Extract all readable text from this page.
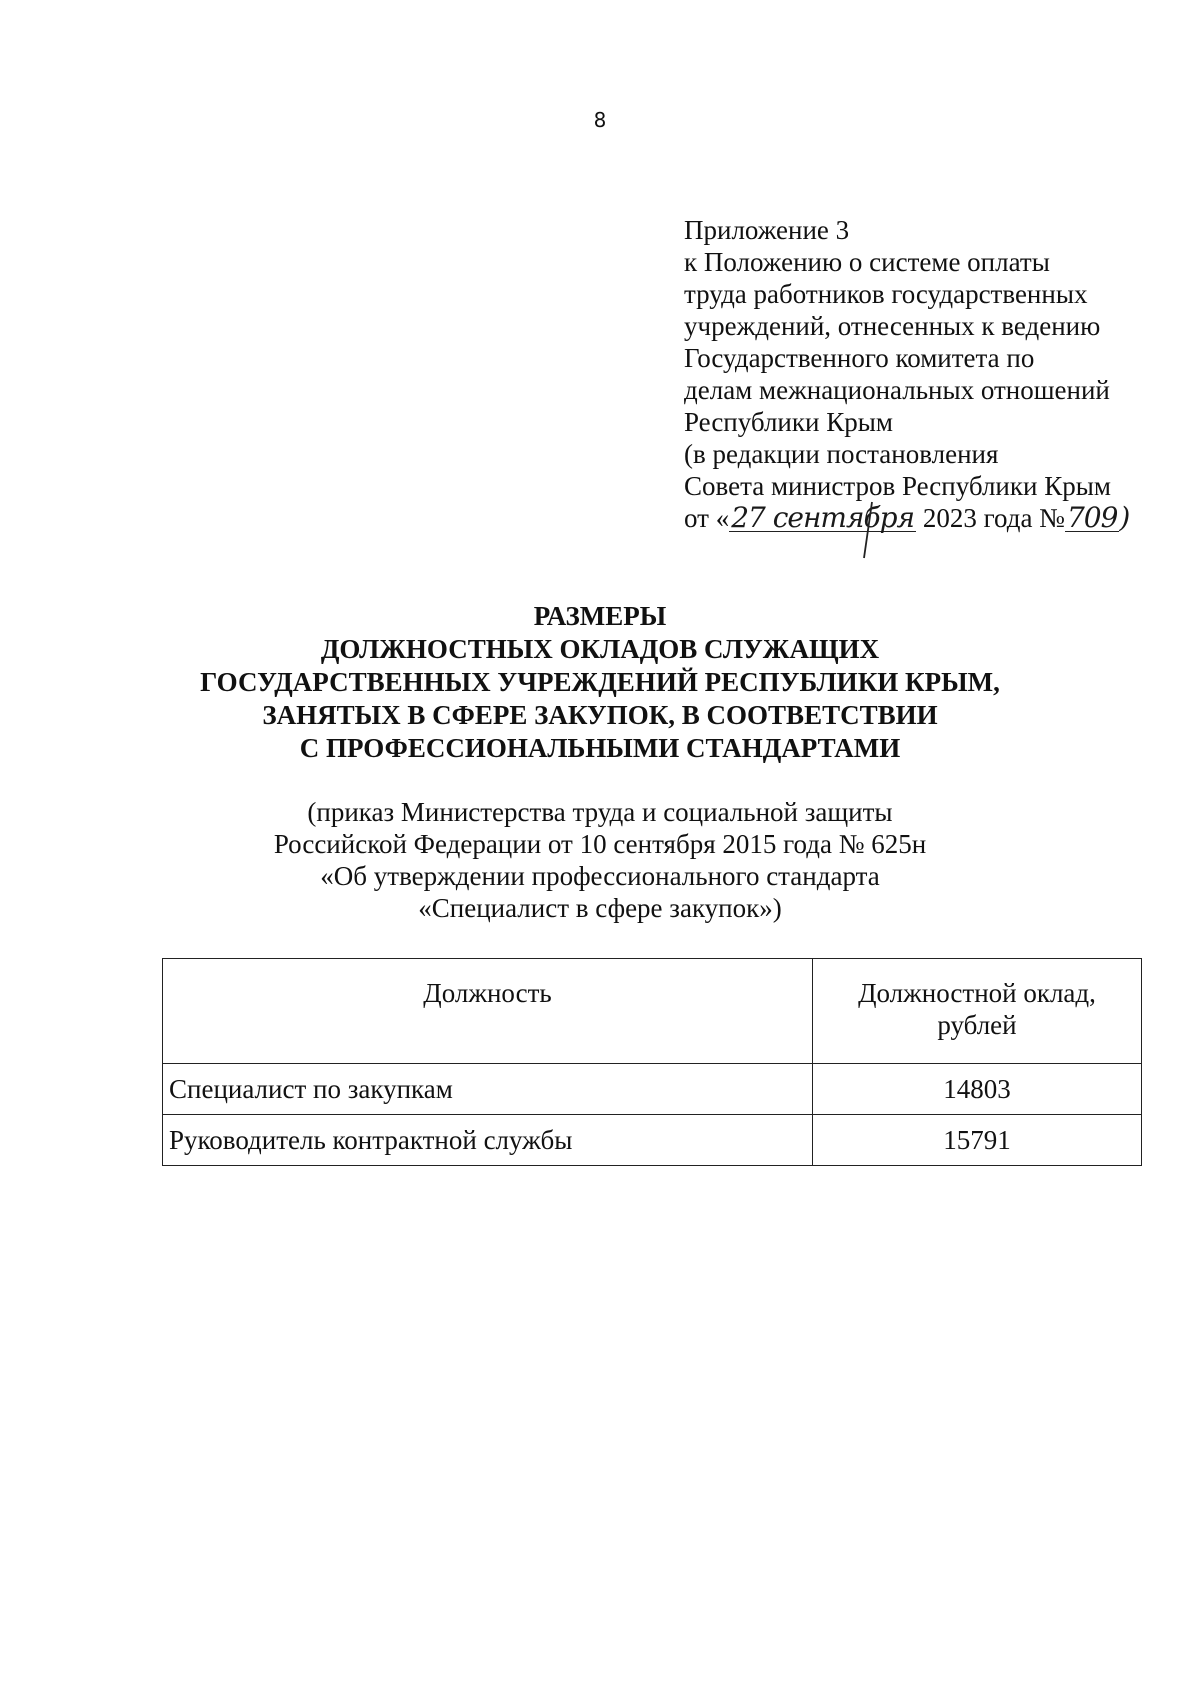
8
Приложение 3
к Положению о системе оплаты
труда работников государственных
учреждений, отнесенных к ведению
Государственного комитета по
делам межнациональных отношений
Республики Крым
(в редакции постановления
Совета министров Республики Крым
от «27 сентября 2023 года №709)
РАЗМЕРЫ
ДОЛЖНОСТНЫХ ОКЛАДОВ СЛУЖАЩИХ
ГОСУДАРСТВЕННЫХ УЧРЕЖДЕНИЙ РЕСПУБЛИКИ КРЫМ,
ЗАНЯТЫХ В СФЕРЕ ЗАКУПОК, В СООТВЕТСТВИИ
С ПРОФЕССИОНАЛЬНЫМИ СТАНДАРТАМИ
(приказ Министерства труда и социальной защиты
Российской Федерации от 10 сентября 2015 года № 625н
«Об утверждении профессионального стандарта
«Специалист в сфере закупок»)
Должность	Должностной оклад,
рублей
Специалист по закупкам	14803
Руководитель контрактной службы	15791
